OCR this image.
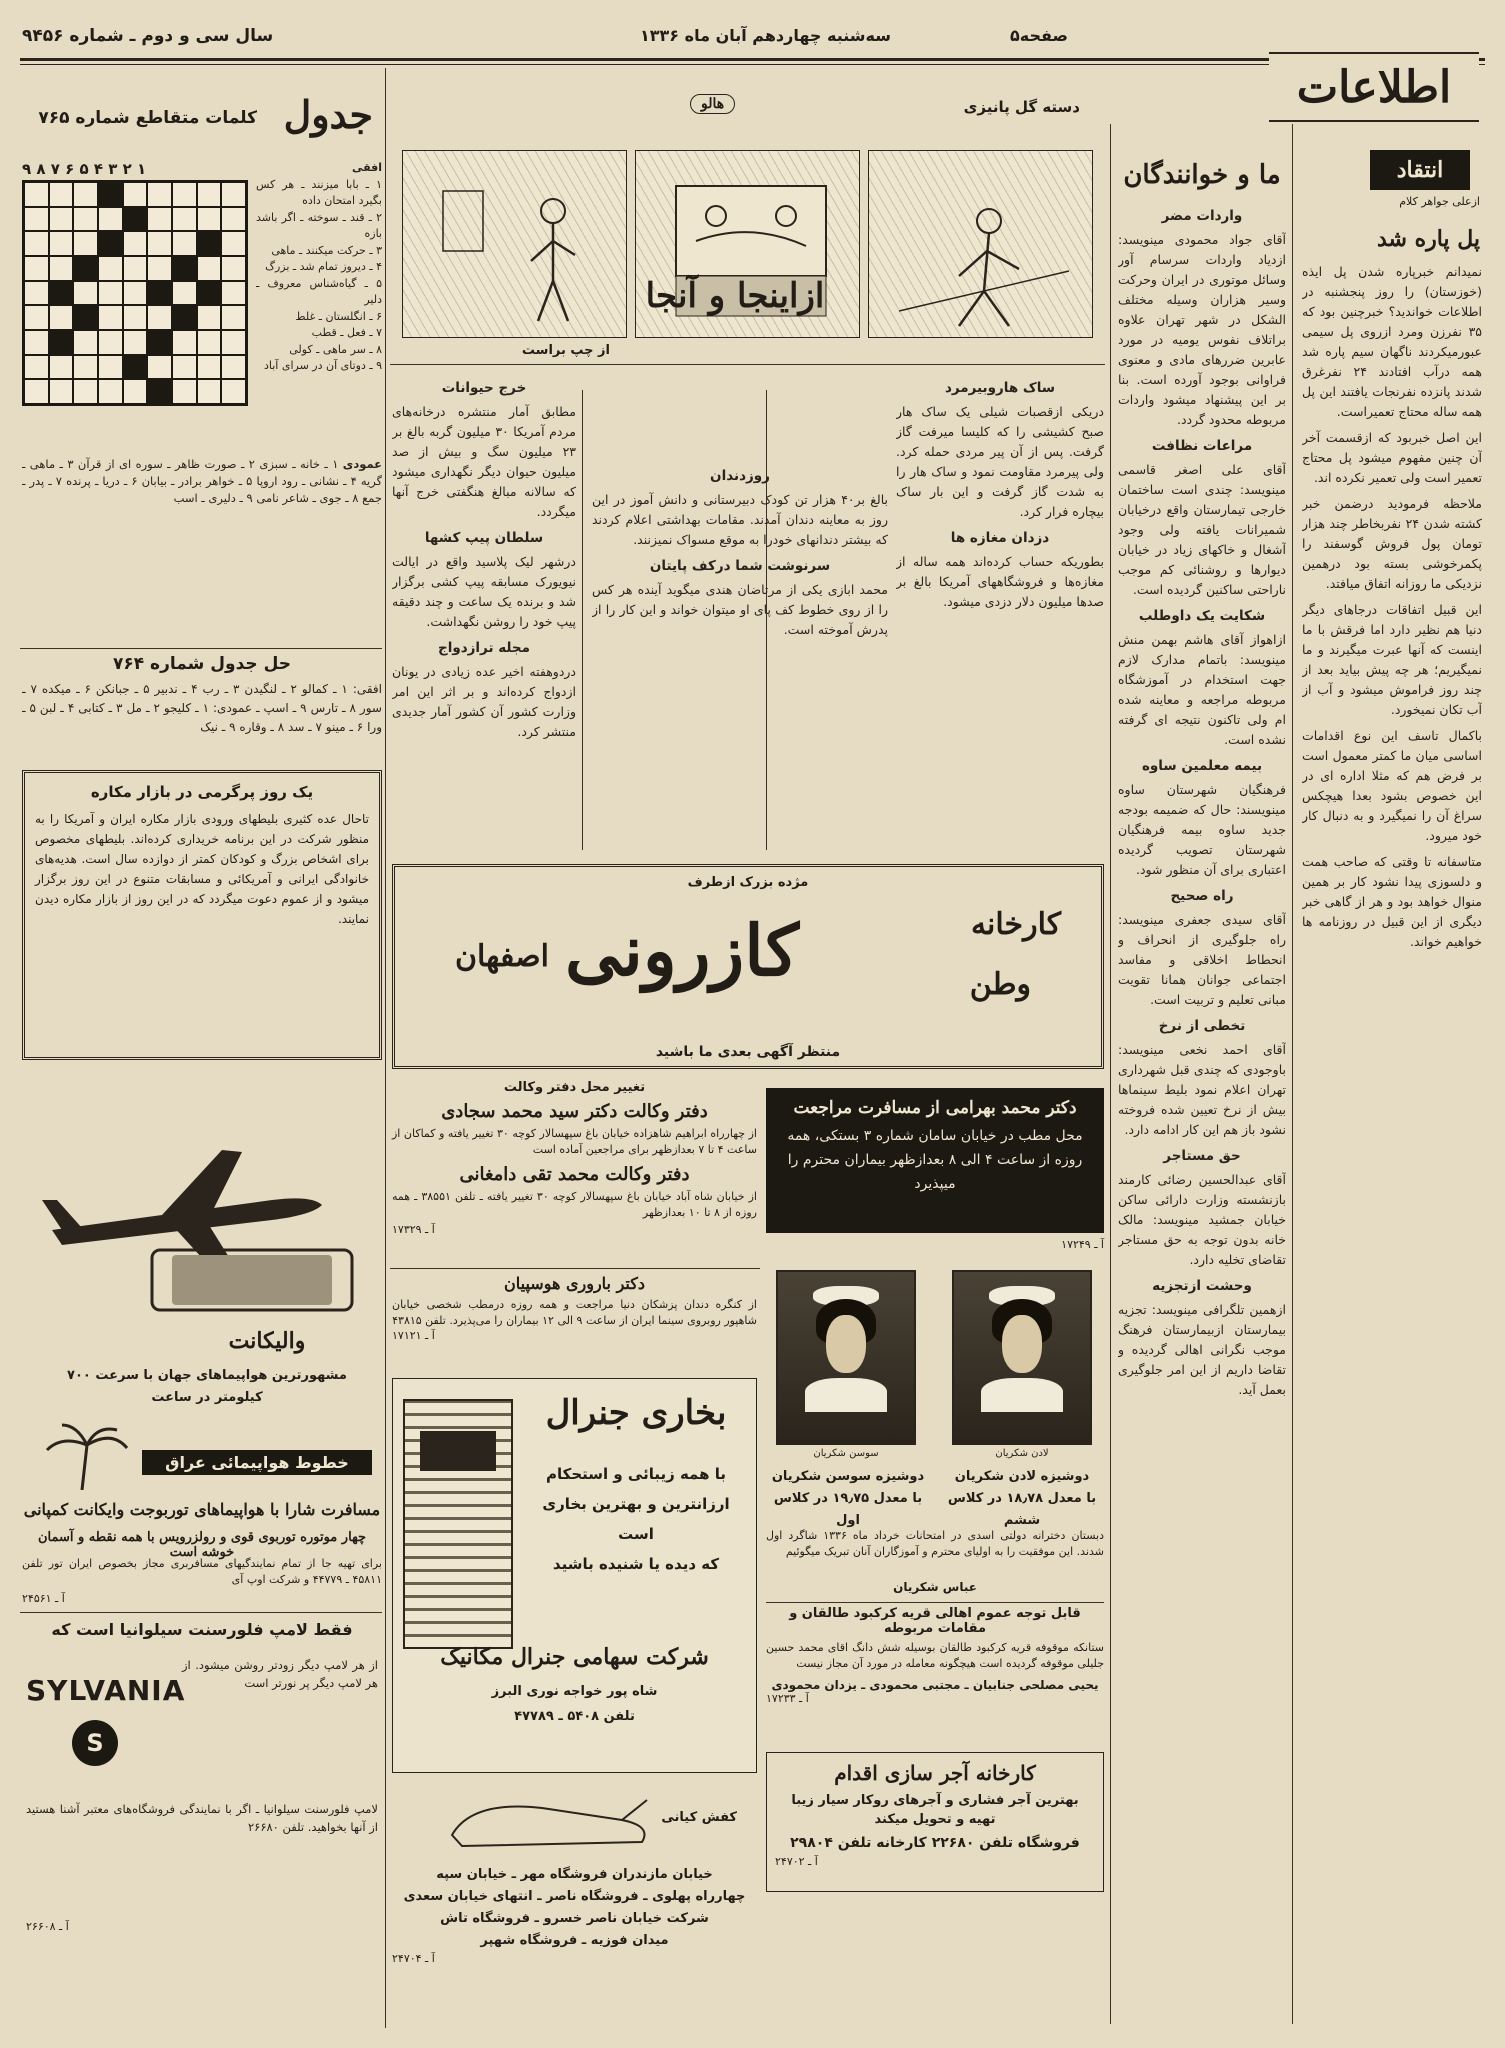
اطلاعات
سال سی و دوم ـ شماره ۹۴۵۶	سه‌شنبه چهاردهم آبان ماه ۱۳۳۶	صفحه۵
انتقاد
ازعلی جواهر کلام
پل پاره شد

نمیدانم خبرپاره شدن پل ایذه (خوزستان) را روز پنجشنبه در اطلاعات خواندید؟ خبرچنین بود که ۳۵ نفرزن ومرد ازروی پل سیمی عبورمیکردند ناگهان سیم پاره شد همه درآب افتادند ۲۴ نفرغرق شدند پانزده نفرنجات یافتند این پل همه ساله محتاج تعمیراست.

این اصل خبربود که ازقسمت آخر آن چنین مفهوم میشود پل محتاج تعمیر است ولی تعمیر نکرده اند.

ملاحظه فرمودید درضمن خبر کشته شدن ۲۴ نفربخاطر چند هزار تومان پول فروش گوسفند را پکمرخوشی بسته بود درهمین نزدیکی ما روزانه اتفاق میافتد.

این قبیل اتفاقات درجاهای دیگر دنیا هم نظیر دارد اما فرقش با ما اینست که آنها عبرت میگیرند و ما نمیگیریم؛ هر چه پیش بیاید بعد از چند روز فراموش میشود و آب از آب تکان نمیخورد.

باکمال تاسف این نوع اقدامات اساسی میان ما کمتر معمول است بر فرض هم که مثلا اداره ای در این خصوص بشود بعدا هیچکس سراغ آن را نمیگیرد و به دنبال کار خود میرود.

متاسفانه تا وقتی که صاحب همت و دلسوزی پیدا نشود کار بر همین منوال خواهد بود و هر از گاهی خبر دیگری از این قبیل در روزنامه ها خواهیم خواند.

ما و خوانندگان
واردات مضر

آقای جواد محمودی مینویسد: ازدیاد واردات سرسام آور وسائل موتوری در ایران وحرکت وسیر هزاران وسیله مختلف الشکل در شهر تهران علاوه براتلاف نفوس یومیه در مورد عابرین ضررهای مادی و معنوی فراوانی بوجود آورده است. بنا بر این پیشنهاد میشود واردات مربوطه محدود گردد.

مراعات نظافت

آقای علی اصغر قاسمی مینویسد: چندی است ساختمان خارجی تیمارستان واقع درخیابان شمیرانات یافته ولی وجود آشغال و خاکهای زیاد در خیابان دیوارها و روشنائی کم موجب ناراحتی ساکنین گردیده است.

شکایت یک داوطلب

ازاهواز آقای هاشم بهمن منش مینویسد: باتمام مدارک لازم جهت استخدام در آموزشگاه مربوطه مراجعه و معاینه شده ام ولی تاکنون نتیجه ای گرفته نشده است.

بیمه معلمین ساوه

فرهنگیان شهرستان ساوه مینویسند: حال که ضمیمه بودجه جدید ساوه بیمه فرهنگیان شهرستان تصویب گردیده اعتباری برای آن منظور شود.

راه صحیح

آقای سیدی جعفری مینویسد: راه جلوگیری از انحراف و انحطاط اخلاقی و مفاسد اجتماعی جوانان همانا تقویت مبانی تعلیم و تربیت است.

تخطی از نرخ

آقای احمد نخعی مینویسد: باوجودی که چندی قبل شهرداری تهران اعلام نمود بلیط سینماها بیش از نرخ تعیین شده فروخته نشود باز هم این کار ادامه دارد.

حق مستاجر

آقای عبدالحسین رضائی کارمند بازنشسته وزارت دارائی ساکن خیابان جمشید مینویسد: مالک خانه بدون توجه به حق مستاجر تقاضای تخلیه دارد.

وحشت ازتجزیه

ازهمین تلگرافی مینویسد: تجزیه بیمارستان ازبیمارستان فرهنگ موجب نگرانی اهالی گردیده و تقاضا داریم از این امر جلوگیری بعمل آید.

دسته گل پانیزی
هالو
از چپ براست
ازاینجا و آنجا
ساک هاروبیرمرد

دریکی ازقصبات شیلی یک ساک هار صبح کشیشی را که کلیسا میرفت گاز گرفت. پس از آن پیر مردی حمله کرد. ولی پیرمرد مقاومت نمود و ساک هار را به شدت گاز گرفت و این بار ساک بیچاره فرار کرد.

دزدان مغازه ها

بطوریکه حساب کرده‌اند همه ساله از مغازه‌ها و فروشگاههای آمریکا بالغ بر صدها میلیون دلار دزدی میشود.

روزدندان

بالغ بر۴۰ هزار تن کودک دبیرستانی و دانش آموز در این روز به معاینه دندان آمدند. مقامات بهداشتی اعلام کردند که بیشتر دندانهای خودرا به موقع مسواک نمیزنند.

سرنوشت شما درکف پایتان

محمد ابازی یکی از مرتاضان هندی میگوید آینده هر کس را از روی خطوط کف پای او میتوان خواند و این کار را از پدرش آموخته است.

خرج حیوانات

مطابق آمار منتشره درخانه‌های مردم آمریکا ۳۰ میلیون گربه بالغ بر ۲۳ میلیون سگ و بیش از صد میلیون حیوان دیگر نگهداری میشود که سالانه مبالغ هنگفتی خرج آنها میگردد.

سلطان پیپ کشها

درشهر لیک پلاسید واقع در ایالت نیویورک مسابقه پیپ کشی برگزار شد و برنده یک ساعت و چند دقیقه پیپ خود را روشن نگهداشت.

مجله ترازدواج

دردوهفته اخیر عده زیادی در یونان ازدواج کرده‌اند و بر اثر این امر وزارت کشور آن کشور آمار جدیدی منتشر کرد.

مژده بزرک ازطرف
کارخانه
وطن
کازرونی
اصفهان
منتظر آگهی بعدی ما باشید
تغییر محل دفتر وکالت
دفتر وکالت دکتر سید محمد سجادی
از چهارراه ابراهیم شاهزاده خیابان باغ سپهسالار کوچه ۳۰ تغییر یافته و کماکان از ساعت ۴ تا ۷ بعدازظهر برای مراجعین آماده است
دفتر وکالت محمد تقی دامغانی
از خیابان شاه آباد خیابان باغ سپهسالار کوچه ۳۰ تغییر یافته ـ تلفن ۳۸۵۵۱ ـ همه روزه از ۸ تا ۱۰ بعدازظهر
آ ـ ۱۷۳۲۹
دکتر باروری هوسپیان
از کنگره دندان پزشکان دنیا مراجعت و همه روزه درمطب شخصی خیابان شاهپور روبروی سینما ایران از ساعت ۹ الی ۱۲ بیماران را می‌پذیرد. تلفن ۴۳۸۱۵
آ ـ ۱۷۱۲۱
بخاری جنرال
با همه زیبائی و استحکام
ارزانترین و بهترین بخاری است
که دیده یا شنیده باشید
شرکت سهامی جنرال مکانیک
شاه پور خواجه نوری البرز
تلفن ۵۴۰۸ ـ ۴۷۷۸۹
کفش کیانی
خیابان مازندران فروشگاه مهر ـ خیابان سپه
چهارراه پهلوی ـ فروشگاه ناصر ـ انتهای خیابان سعدی
شرکت خیابان ناصر خسرو ـ فروشگاه تاش
میدان فوزیه ـ فروشگاه شهپر
آ ـ ۲۴۷۰۴
دکتر محمد بهرامی از مسافرت مراجعت
محل مطب در خیابان سامان شماره ۳ بستکی، همه روزه از ساعت ۴ الی ۸ بعدازظهر بیماران محترم را میپذیرد
آ ـ ۱۷۲۴۹
سوسن شکریان	لادن شکریان
دوشیزه سوسن شکریان
با معدل ۱۹٫۷۵ در کلاس اول
دوشیزه لادن شکریان
با معدل ۱۸٫۷۸ در کلاس ششم
دبستان دخترانه دولتی اسدی در امتحانات خرداد ماه ۱۳۳۶ شاگرد اول شدند. این موفقیت را به اولیای محترم و آموزگاران آنان تبریک میگوئیم
عباس شکریان
قابل توجه عموم اهالی قریه کرکبود طالقان و مقامات مربوطه
ستانکه موقوفه قریه کرکبود طالقان بوسیله شش دانگ اقای محمد حسین جلیلی موقوفه گردیده است هیچگونه معامله در مورد آن مجاز نیست
یحیی مصلحی جنابیان ـ مجتبی محمودی ـ یزدان محمودی
آ ـ ۱۷۲۳۳
کارخانه آجر سازی اقدام
بهترین آجر فشاری و آجرهای روکار سیار زیبا
تهیه و تحویل میکند
فروشگاه تلفن ۲۲۶۸۰ کارخانه تلفن ۲۹۸۰۴
آ ـ ۲۴۷۰۲
جدول
کلمات متقاطع شماره ۷۶۵
۹ ۸ ۷ ۶ ۵ ۴ ۳ ۲ ۱	افقی
۱ ـ بابا میزنند ـ هر کس بگیرد امتحان داده
۲ ـ قند ـ سوخته ـ اگر باشد بازه
۳ ـ حرکت میکنند ـ ماهی
۴ ـ دیروز تمام شد ـ بزرگ
۵ ـ گیاه‌شناس معروف ـ دلیر
۶ ـ انگلستان ـ غلط
۷ ـ فعل ـ قطب
۸ ـ سر ماهی ـ کولی
۹ ـ دوتای آن در سرای آباد
عمودی ۱ ـ خانه ـ سبزی ۲ ـ صورت ظاهر ـ سوره ای از قرآن ۳ ـ ماهی ـ گریه ۴ ـ نشانی ـ رود اروپا ۵ ـ خواهر برادر ـ بیابان ۶ ـ دریا ـ پرنده ۷ ـ پدر ـ جمع ۸ ـ جوی ـ شاعر نامی ۹ ـ دلیری ـ اسب
حل جدول شماره ۷۶۴
افقی: ۱ ـ کمالو ۲ ـ لنگیدن ۳ ـ رب ۴ ـ ندبیر ۵ ـ جبانکن ۶ ـ میکده ۷ ـ سور ۸ ـ تارس ۹ ـ اسپ ـ عمودی: ۱ ـ کلیجو ۲ ـ مل ۳ ـ کتابی ۴ ـ لبن ۵ ـ ورا ۶ ـ مینو ۷ ـ سد ۸ ـ وقاره ۹ ـ نیک
یک روز پرگرمی در بازار مکاره
تاحال عده کثیری بلیطهای ورودی بازار مکاره ایران و آمریکا را به منظور شرکت در این برنامه خریداری کرده‌اند. بلیطهای مخصوص برای اشخاص بزرگ و کودکان کمتر از دوازده سال است. هدیه‌های خانوادگی ایرانی و آمریکائی و مسابقات متنوع در این روز برگزار میشود و از عموم دعوت میگردد که در این روز از بازار مکاره دیدن نمایند.
والیکانت
مشهورترین هواپیماهای جهان با سرعت ۷۰۰ کیلومتر در ساعت
خطوط هواپیمائی عراق
مسافرت شارا با هواپیماهای توربوجت وایکانت کمپانی
چهار موتوره توربوی قوی و رولزرویس با همه نقطه و آسمان خوشه است
برای تهیه جا از تمام نمایندگیهای مسافربری مجاز بخصوص ایران تور تلفن ۴۵۸۱۱ ـ ۴۴۷۷۹ و شرکت اوپ آی
آ ـ ۲۴۵۶۱
فقط لامپ فلورسنت سیلوانیا است که
SYLVANIA
S
از هر لامپ دیگر زودتر روشن میشود. از هر لامپ دیگر پر نورتر است
لامپ فلورسنت سیلوانیا ـ اگر با نمایندگی فروشگاه‌های معتبر آشنا هستید از آنها بخواهید. تلفن ۲۶۶۸۰
آ ـ ۲۶۶۰۸
